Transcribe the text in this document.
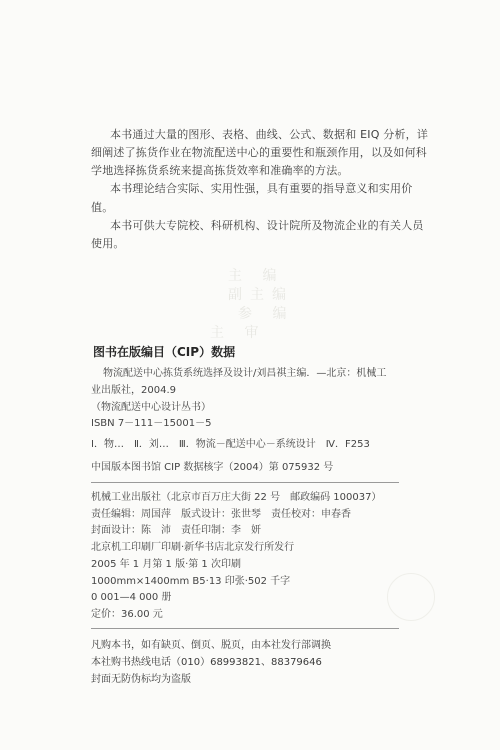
主 编
副主编
参 编
主 审
本书通过大量的图形、表格、曲线、公式、数据和 EIQ 分析，详
细阐述了拣货作业在物流配送中心的重要性和瓶颈作用，以及如何科
学地选择拣货系统来提高拣货效率和准确率的方法。
本书理论结合实际、实用性强，具有重要的指导意义和实用价
值。
本书可供大专院校、科研机构、设计院所及物流企业的有关人员
使用。
图书在版编目（CIP）数据
物流配送中心拣货系统选择及设计/刘昌祺主编．—北京：机械工
业出版社，2004.9
（物流配送中心设计丛书）
ISBN 7－111－15001－5
Ⅰ．物…　Ⅱ．刘…　Ⅲ．物流－配送中心－系统设计　Ⅳ．F253
中国版本图书馆 CIP 数据核字（2004）第 075932 号
机械工业出版社（北京市百万庄大街 22 号　邮政编码 100037）
责任编辑：周国萍　版式设计：张世琴　责任校对：申春香
封面设计：陈　沛　责任印制：李　妍
北京机工印刷厂印刷·新华书店北京发行所发行
2005 年 1 月第 1 版·第 1 次印刷
1000mm×1400mm B5·13 印张·502 千字
0 001—4 000 册
定价：36.00 元
凡购本书，如有缺页、倒页、脱页，由本社发行部调换
本社购书热线电话（010）68993821、88379646
封面无防伪标均为盗版
